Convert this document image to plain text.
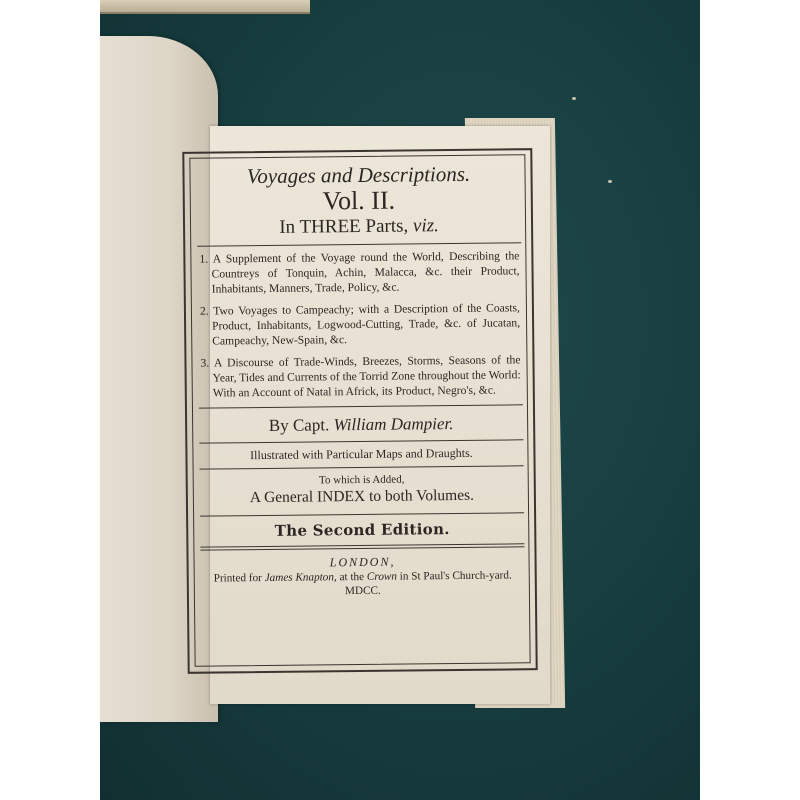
Voyages and Descriptions.
Vol. II.
In THREE Parts, viz.
1. A Supplement of the Voyage round the World, Describing the Countreys of Tonquin, Achin, Malacca, &c. their Product, Inhabitants, Manners, Trade, Policy, &c.
2. Two Voyages to Campeachy; with a Description of the Coasts, Product, Inhabitants, Logwood-Cutting, Trade, &c. of Jucatan, Campeachy, New-Spain, &c.
3. A Discourse of Trade-Winds, Breezes, Storms, Seasons of the Year, Tides and Currents of the Torrid Zone throughout the World: With an Account of Natal in Africk, its Product, Negro's, &c.
By Capt. William Dampier.
Illustrated with Particular Maps and Draughts.
To which is Added,
A General INDEX to both Volumes.
The Second Edition.
LONDON,
Printed for James Knapton, at the Crown in St Paul's Church-yard. MDCC.
